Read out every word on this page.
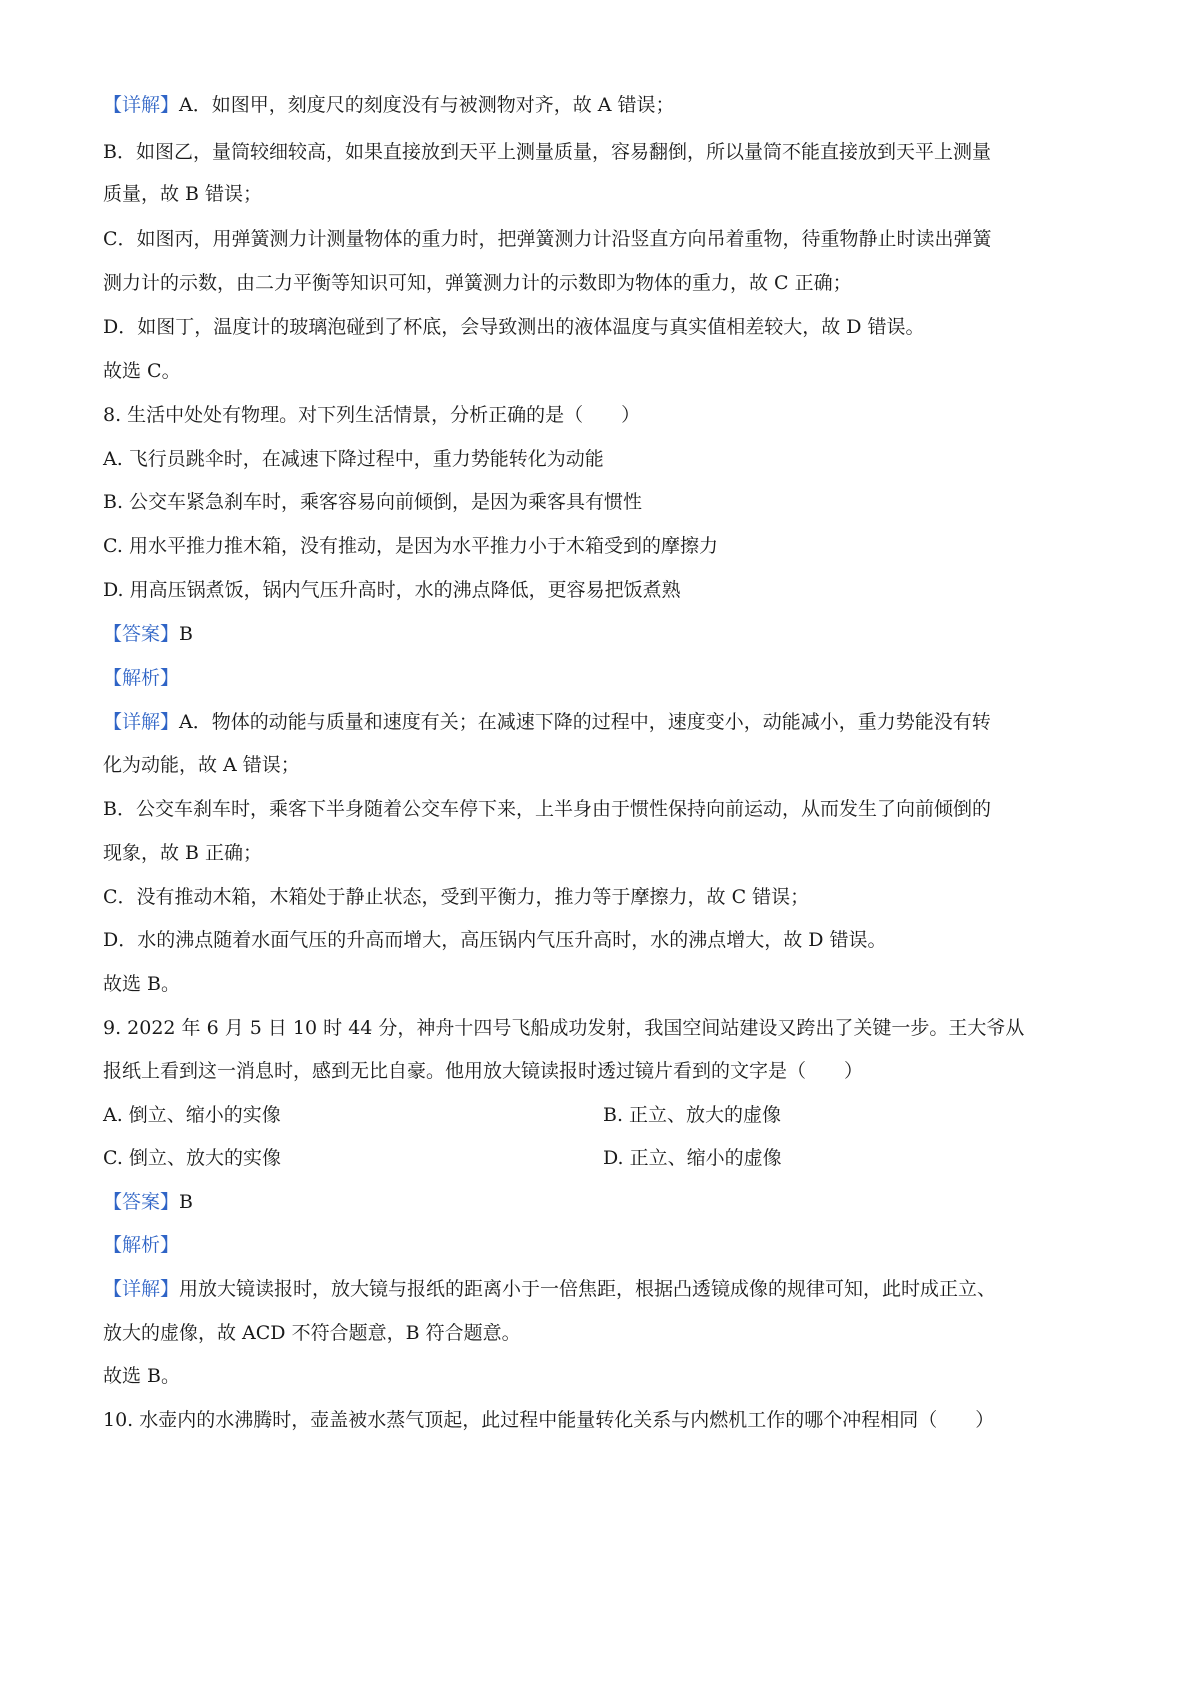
【详解】A．如图甲，刻度尺的刻度没有与被测物对齐，故 A 错误；
B．如图乙，量筒较细较高，如果直接放到天平上测量质量，容易翻倒，所以量筒不能直接放到天平上测量
质量，故 B 错误；
C．如图丙，用弹簧测力计测量物体的重力时，把弹簧测力计沿竖直方向吊着重物，待重物静止时读出弹簧
测力计的示数，由二力平衡等知识可知，弹簧测力计的示数即为物体的重力，故 C 正确；
D．如图丁，温度计的玻璃泡碰到了杯底，会导致测出的液体温度与真实值相差较大，故 D 错误。
故选 C。
8. 生活中处处有物理。对下列生活情景，分析正确的是（　　）
A. 飞行员跳伞时，在减速下降过程中，重力势能转化为动能
B. 公交车紧急刹车时，乘客容易向前倾倒，是因为乘客具有惯性
C. 用水平推力推木箱，没有推动，是因为水平推力小于木箱受到的摩擦力
D. 用高压锅煮饭，锅内气压升高时，水的沸点降低，更容易把饭煮熟
【答案】B
【解析】
【详解】A．物体的动能与质量和速度有关；在减速下降的过程中，速度变小，动能减小，重力势能没有转
化为动能，故 A 错误；
B．公交车刹车时，乘客下半身随着公交车停下来，上半身由于惯性保持向前运动，从而发生了向前倾倒的
现象，故 B 正确；
C．没有推动木箱，木箱处于静止状态，受到平衡力，推力等于摩擦力，故 C 错误；
D．水的沸点随着水面气压的升高而增大，高压锅内气压升高时，水的沸点增大，故 D 错误。
故选 B。
9. 2022 年 6 月 5 日 10 时 44 分，神舟十四号飞船成功发射，我国空间站建设又跨出了关键一步。王大爷从
报纸上看到这一消息时，感到无比自豪。他用放大镜读报时透过镜片看到的文字是（　　）
A. 倒立、缩小的实像	B. 正立、放大的虚像
C. 倒立、放大的实像	D. 正立、缩小的虚像
【答案】B
【解析】
【详解】用放大镜读报时，放大镜与报纸的距离小于一倍焦距，根据凸透镜成像的规律可知，此时成正立、
放大的虚像，故 ACD 不符合题意，B 符合题意。
故选 B。
10. 水壶内的水沸腾时，壶盖被水蒸气顶起，此过程中能量转化关系与内燃机工作的哪个冲程相同（　　）
